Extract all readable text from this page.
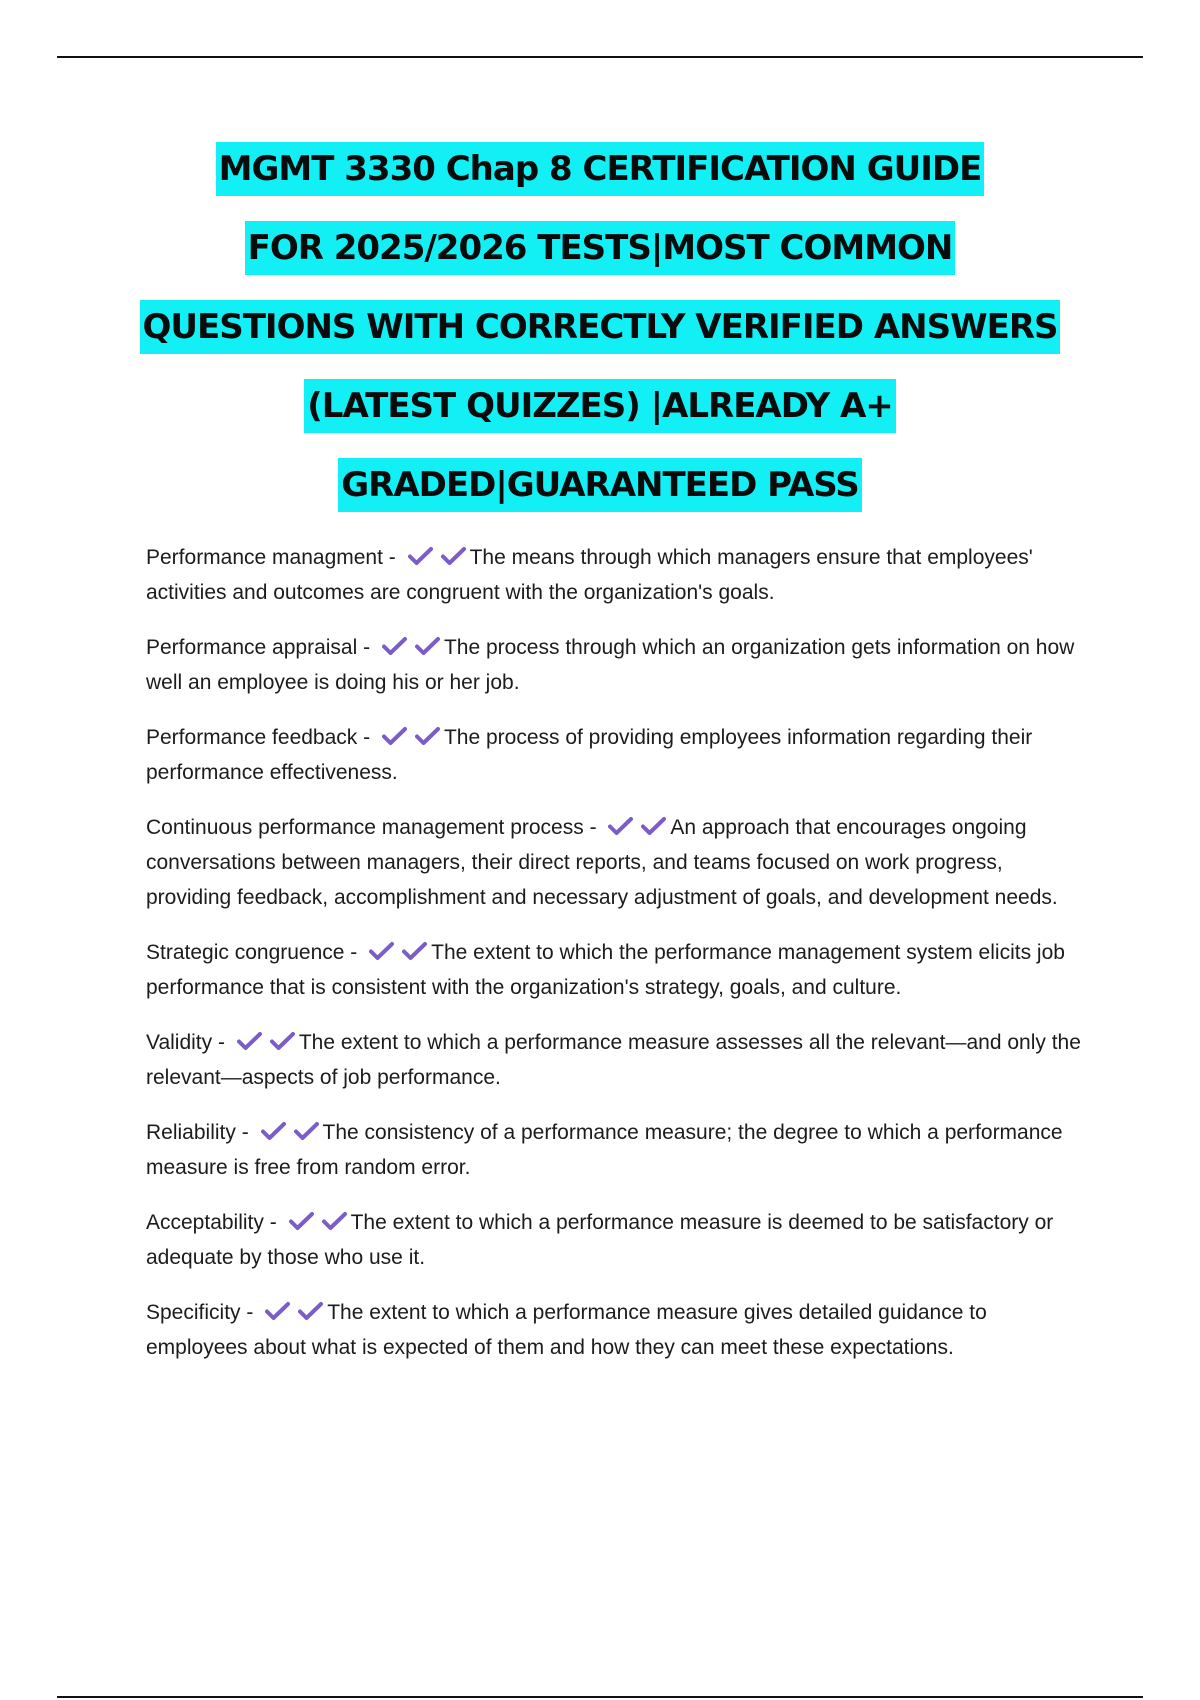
MGMT 3330 Chap 8 CERTIFICATION GUIDE
FOR 2025/2026 TESTS|MOST COMMON
QUESTIONS WITH CORRECTLY VERIFIED ANSWERS
(LATEST QUIZZES) |ALREADY A+
GRADED|GUARANTEED PASS
Performance managment -	The means through which managers ensure that employees' activities and outcomes are congruent with the organization's goals.
Performance appraisal -	The process through which an organization gets information on how well an employee is doing his or her job.
Performance feedback -	The process of providing employees information regarding their performance effectiveness.
Continuous performance management process -	An approach that encourages ongoing conversations between managers, their direct reports, and teams focused on work progress, providing feedback, accomplishment and necessary adjustment of goals, and development needs.
Strategic congruence -	The extent to which the performance management system elicits job performance that is consistent with the organization's strategy, goals, and culture.
Validity -	The extent to which a performance measure assesses all the relevant—and only the relevant—aspects of job performance.
Reliability -	The consistency of a performance measure; the degree to which a performance measure is free from random error.
Acceptability -	The extent to which a performance measure is deemed to be satisfactory or adequate by those who use it.
Specificity -	The extent to which a performance measure gives detailed guidance to employees about what is expected of them and how they can meet these expectations.
